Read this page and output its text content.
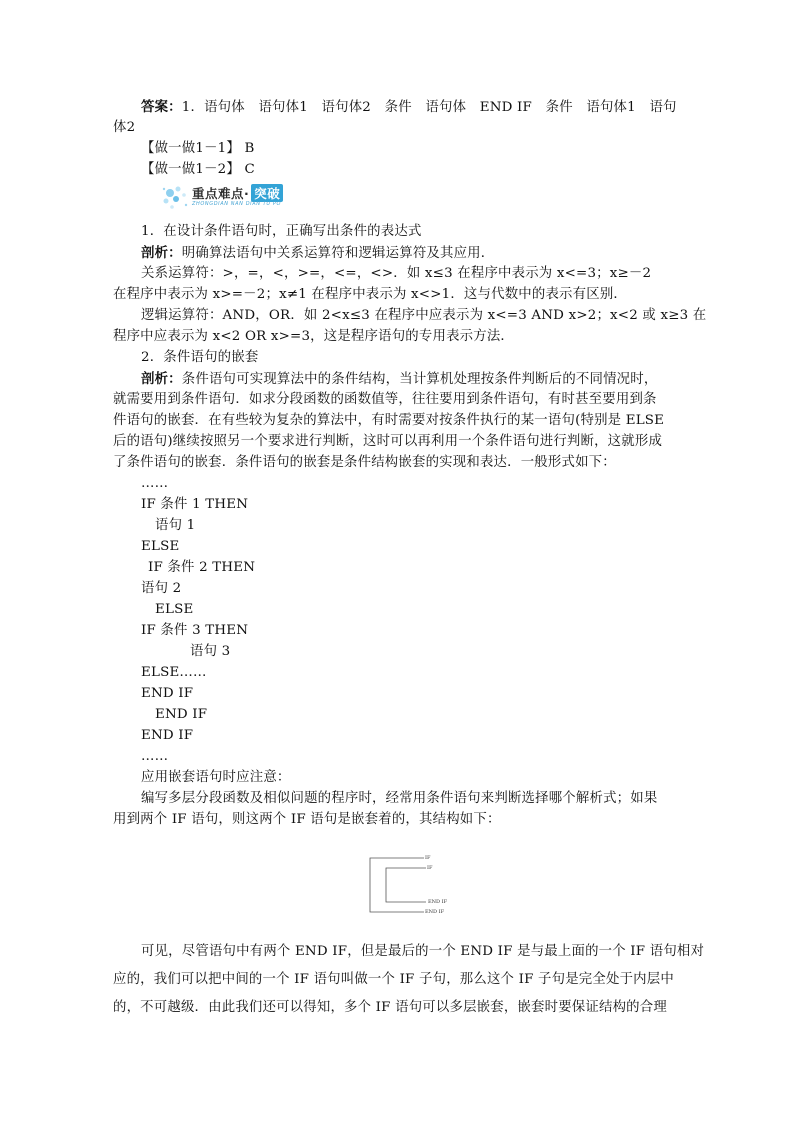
答案：1．语句体　语句体1　语句体2　条件　语句体　END IF　条件　语句体1　语句
体2
【做一做1－1】 B
【做一做1－2】 C
重点难点· 突破
ZHONGDIAN NAN DIAN TU PO
1．在设计条件语句时，正确写出条件的表达式
剖析：明确算法语句中关系运算符和逻辑运算符及其应用．
关系运算符：>，=，<，>=，<=，<>．如 x≤3 在程序中表示为 x<=3；x≥－2
在程序中表示为 x>=－2；x≠1 在程序中表示为 x<>1．这与代数中的表示有区别．
逻辑运算符：AND，OR．如 2<x≤3 在程序中应表示为 x<=3 AND x>2；x<2 或 x≥3 在
程序中应表示为 x<2 OR x>=3，这是程序语句的专用表示方法．
2．条件语句的嵌套
剖析：条件语句可实现算法中的条件结构，当计算机处理按条件判断后的不同情况时，
就需要用到条件语句．如求分段函数的函数值等，往往要用到条件语句，有时甚至要用到条
件语句的嵌套．在有些较为复杂的算法中，有时需要对按条件执行的某一语句(特别是 ELSE
后的语句)继续按照另一个要求进行判断，这时可以再利用一个条件语句进行判断，这就形成
了条件语句的嵌套．条件语句的嵌套是条件结构嵌套的实现和表达．一般形式如下：
……
IF 条件 1 THEN
语句 1
ELSE
IF 条件 2 THEN
语句 2
ELSE
IF 条件 3 THEN
语句 3
ELSE……
END IF
END IF
END IF
……
应用嵌套语句时应注意：
编写多层分段函数及相似问题的程序时，经常用条件语句来判断选择哪个解析式；如果
用到两个 IF 语句，则这两个 IF 语句是嵌套着的，其结构如下：
IF
IF
END IF
END IF
可见，尽管语句中有两个 END IF，但是最后的一个 END IF 是与最上面的一个 IF 语句相对
应的，我们可以把中间的一个 IF 语句叫做一个 IF 子句，那么这个 IF 子句是完全处于内层中
的，不可越级．由此我们还可以得知，多个 IF 语句可以多层嵌套，嵌套时要保证结构的合理
